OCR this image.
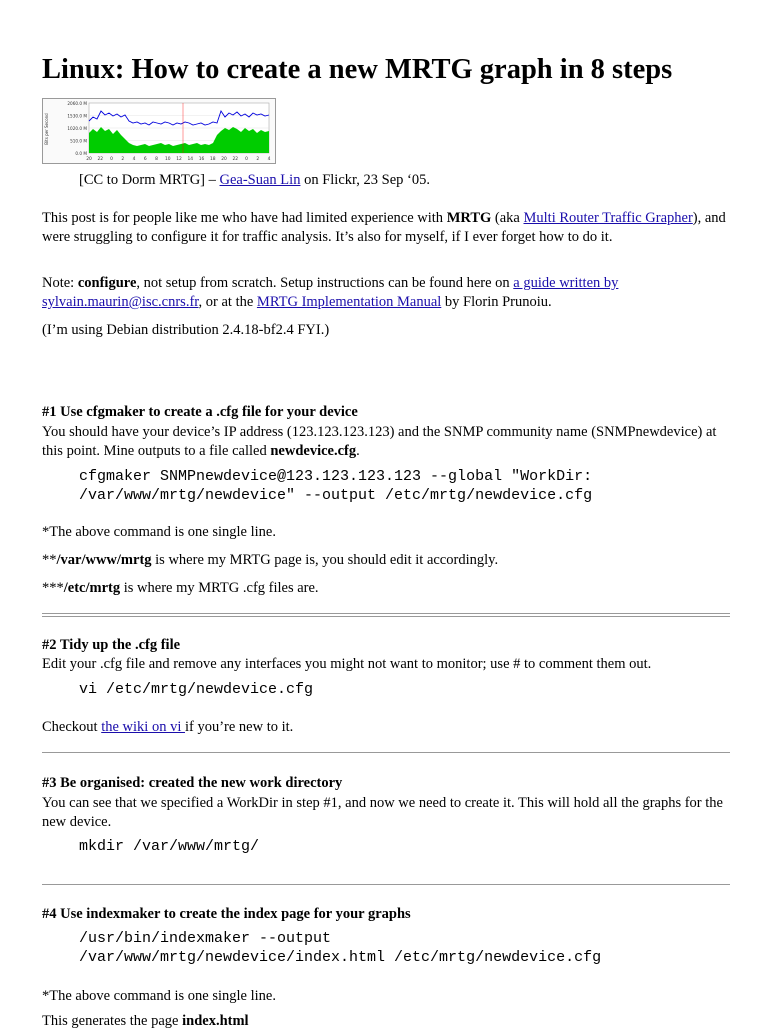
Linux: How to create a new MRTG graph in 8 steps
Bits per Second
2060.0 M
1530.0 M
1020.0 M
510.0 M
0.0 M
20 22 0 2 4 6 8 10 12 14 16 18 20 22 0 2 4

[CC to Dorm MRTG] – Gea-Suan Lin on Flickr, 23 Sep ‘05.

This post is for people like me who have had limited experience with MRTG (aka Multi Router Traffic Grapher), and were struggling to configure it for traffic analysis. It’s also for myself, if I ever forget how to do it.

Note: configure, not setup from scratch. Setup instructions can be found here on a guide written by sylvain.maurin@isc.cnrs.fr, or at the MRTG Implementation Manual by Florin Prunoiu.

(I’m using Debian distribution 2.4.18-bf2.4 FYI.)

#1 Use cfgmaker to create a .cfg file for your device

You should have your device’s IP address (123.123.123.123) and the SNMP community name (SNMPnewdevice) at this point. Mine outputs to a file called newdevice.cfg.

cfgmaker SNMPnewdevice@123.123.123.123 --global "WorkDir:
/var/www/mrtg/newdevice" --output /etc/mrtg/newdevice.cfg

*The above command is one single line.

**/var/www/mrtg is where my MRTG page is, you should edit it accordingly.

***/etc/mrtg is where my MRTG .cfg files are.

#2 Tidy up the .cfg file

Edit your .cfg file and remove any interfaces you might not want to monitor; use # to comment them out.

vi /etc/mrtg/newdevice.cfg

Checkout the wiki on vi if you’re new to it.

#3 Be organised: created the new work directory

You can see that we specified a WorkDir in step #1, and now we need to create it. This will hold all the graphs for the new device.

mkdir /var/www/mrtg/

#4 Use indexmaker to create the index page for your graphs

/usr/bin/indexmaker --output
/var/www/mrtg/newdevice/index.html /etc/mrtg/newdevice.cfg

*The above command is one single line.

This generates the page index.html
